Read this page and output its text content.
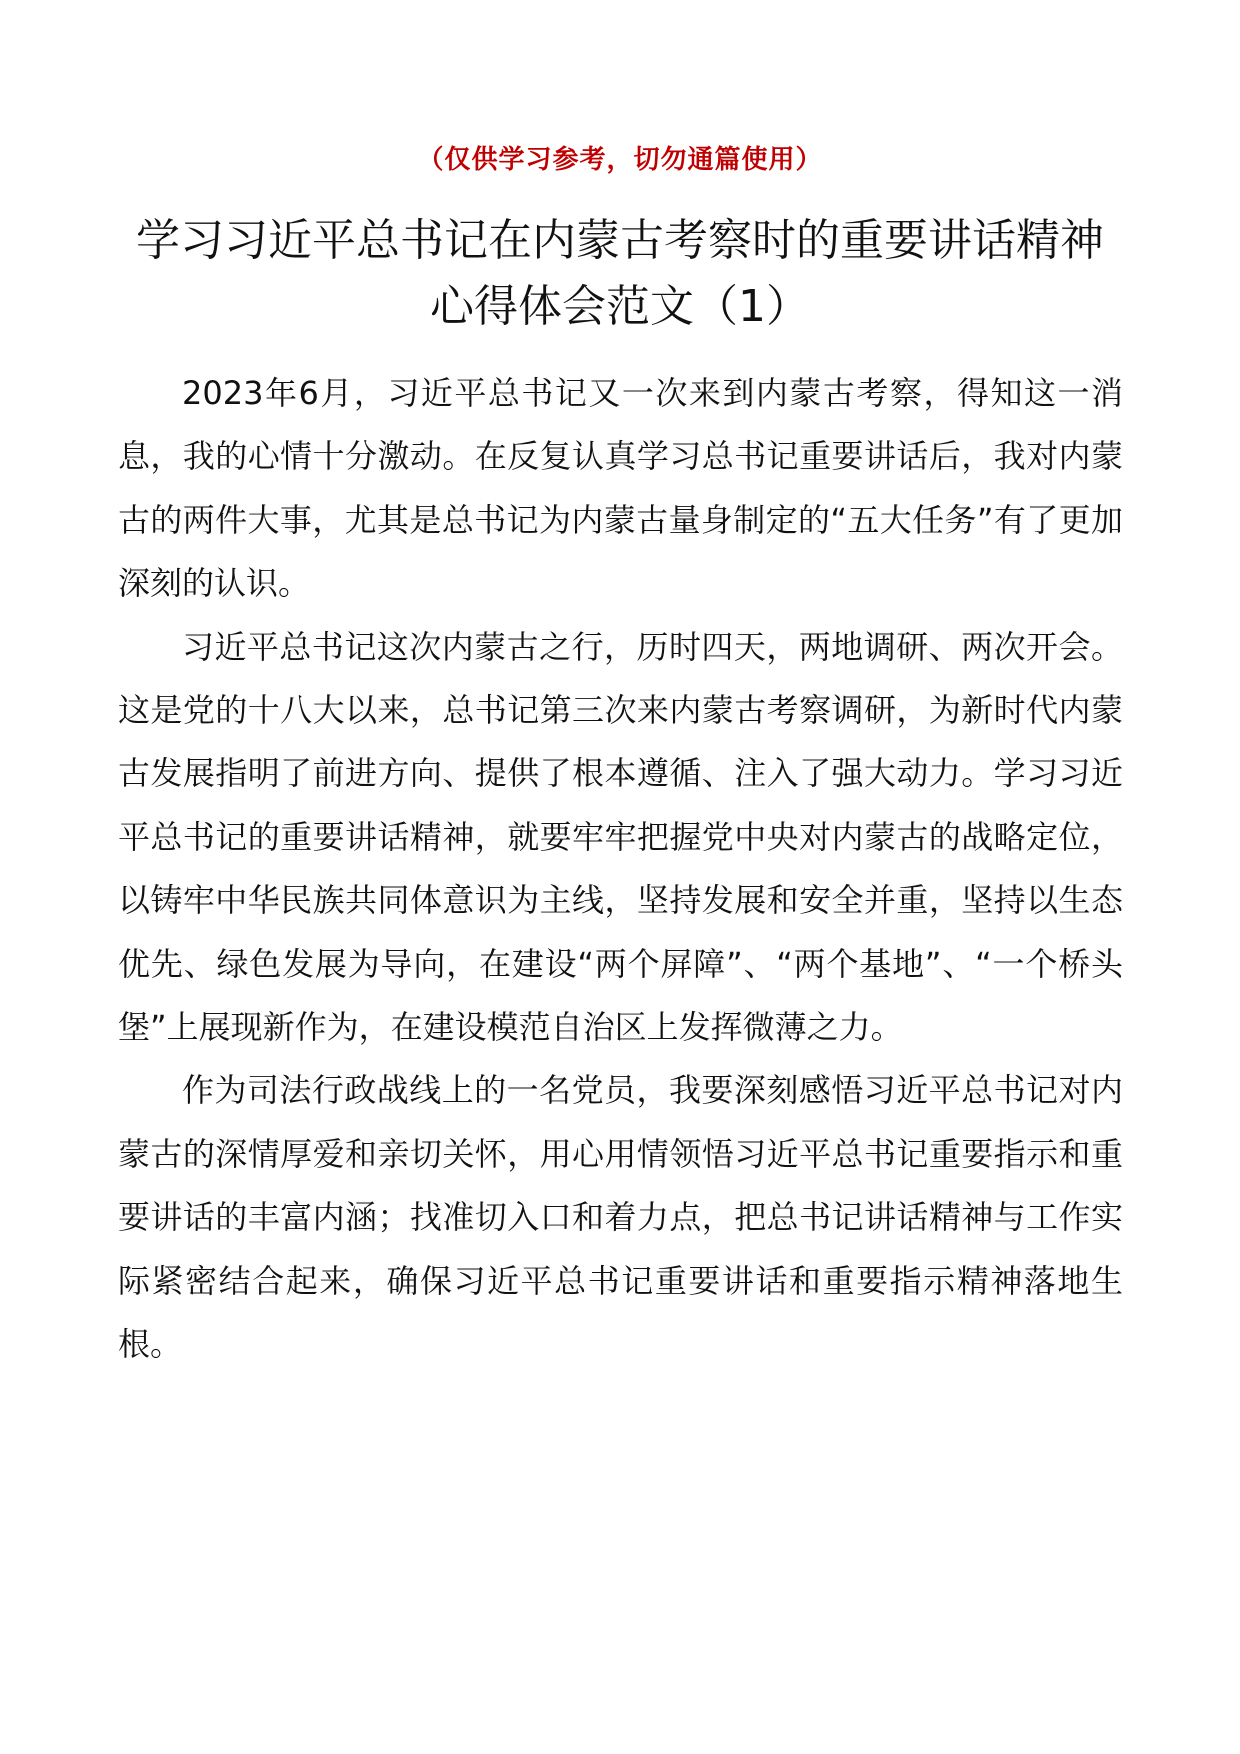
（仅供学习参考，切勿通篇使用）
学习习近平总书记在内蒙古考察时的重要讲话精神心得体会范文（1）

2023年6月，习近平总书记又一次来到内蒙古考察，得知这一消息，我的心情十分激动。在反复认真学习总书记重要讲话后，我对内蒙古的两件大事，尤其是总书记为内蒙古量身制定的“五大任务”有了更加深刻的认识。

习近平总书记这次内蒙古之行，历时四天，两地调研、两次开会。这是党的十八大以来，总书记第三次来内蒙古考察调研，为新时代内蒙古发展指明了前进方向、提供了根本遵循、注入了强大动力。学习习近平总书记的重要讲话精神，就要牢牢把握党中央对内蒙古的战略定位，以铸牢中华民族共同体意识为主线，坚持发展和安全并重，坚持以生态优先、绿色发展为导向，在建设“两个屏障”、“两个基地”、“一个桥头堡”上展现新作为，在建设模范自治区上发挥微薄之力。

作为司法行政战线上的一名党员，我要深刻感悟习近平总书记对内蒙古的深情厚爱和亲切关怀，用心用情领悟习近平总书记重要指示和重要讲话的丰富内涵；找准切入口和着力点，把总书记讲话精神与工作实际紧密结合起来，确保习近平总书记重要讲话和重要指示精神落地生根。
